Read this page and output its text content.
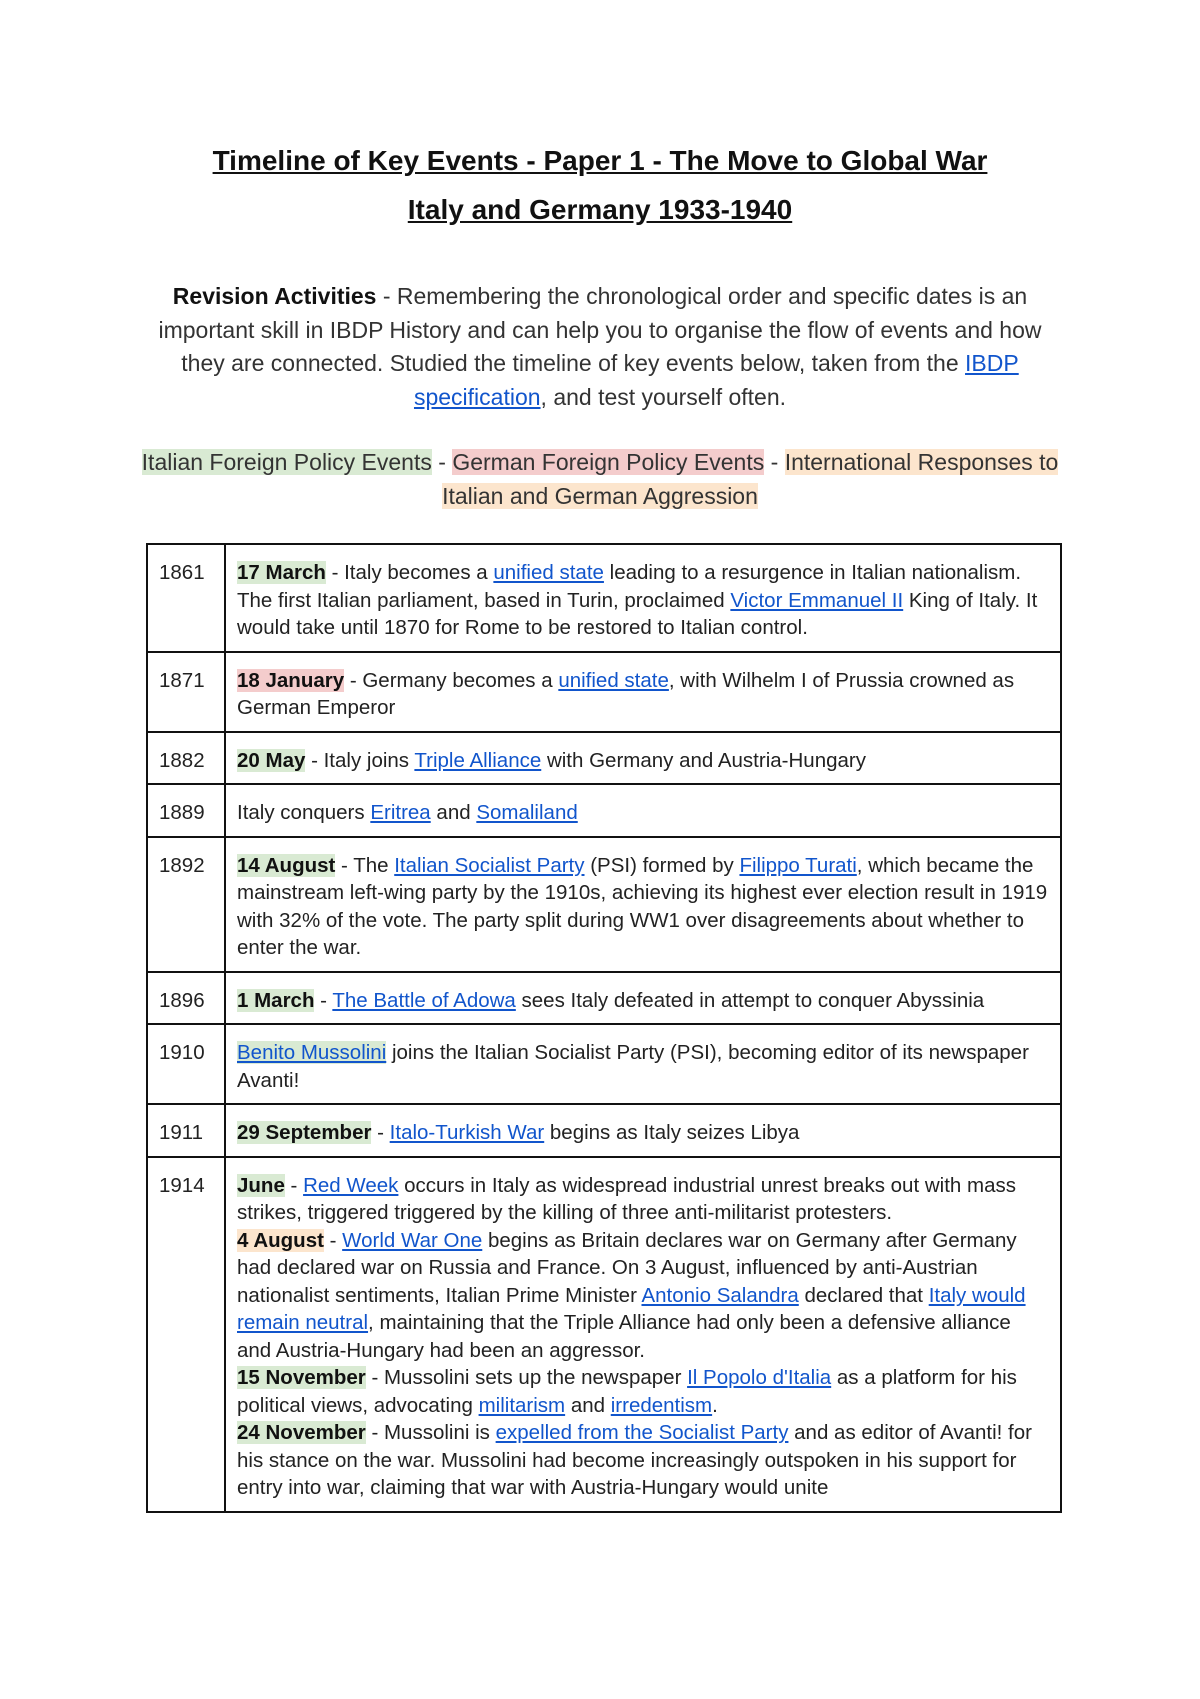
Timeline of Key Events - Paper 1 - The Move to Global War
Italy and Germany 1933-1940
Revision Activities - Remembering the chronological order and specific dates is an important skill in IBDP History and can help you to organise the flow of events and how they are connected. Studied the timeline of key events below, taken from the IBDP specification, and test yourself often.
Italian Foreign Policy Events - German Foreign Policy Events - International Responses to Italian and German Aggression
1861	17 March - Italy becomes a unified state leading to a resurgence in Italian nationalism. The first Italian parliament, based in Turin, proclaimed Victor Emmanuel II King of Italy. It would take until 1870 for Rome to be restored to Italian control.

1871	18 January - Germany becomes a unified state, with Wilhelm I of Prussia crowned as German Emperor

1882	20 May - Italy joins Triple Alliance with Germany and Austria-Hungary

1889	Italy conquers Eritrea and Somaliland

1892	14 August - The Italian Socialist Party (PSI) formed by Filippo Turati, which became the mainstream left-wing party by the 1910s, achieving its highest ever election result in 1919 with 32% of the vote. The party split during WW1 over disagreements about whether to enter the war.

1896	1 March - The Battle of Adowa sees Italy defeated in attempt to conquer Abyssinia

1910	Benito Mussolini joins the Italian Socialist Party (PSI), becoming editor of its newspaper Avanti!

1911	29 September - Italo-Turkish War begins as Italy seizes Libya

1914	June - Red Week occurs in Italy as widespread industrial unrest breaks out with mass strikes, triggered triggered by the killing of three anti-militarist protesters.
4 August - World War One begins as Britain declares war on Germany after Germany had declared war on Russia and France. On 3 August, influenced by anti-Austrian nationalist sentiments, Italian Prime Minister Antonio Salandra declared that Italy would remain neutral, maintaining that the Triple Alliance had only been a defensive alliance and Austria-Hungary had been an aggressor.
15 November - Mussolini sets up the newspaper Il Popolo d'Italia as a platform for his political views, advocating militarism and irredentism.
24 November - Mussolini is expelled from the Socialist Party and as editor of Avanti! for his stance on the war. Mussolini had become increasingly outspoken in his support for entry into war, claiming that war with Austria-Hungary would unite
